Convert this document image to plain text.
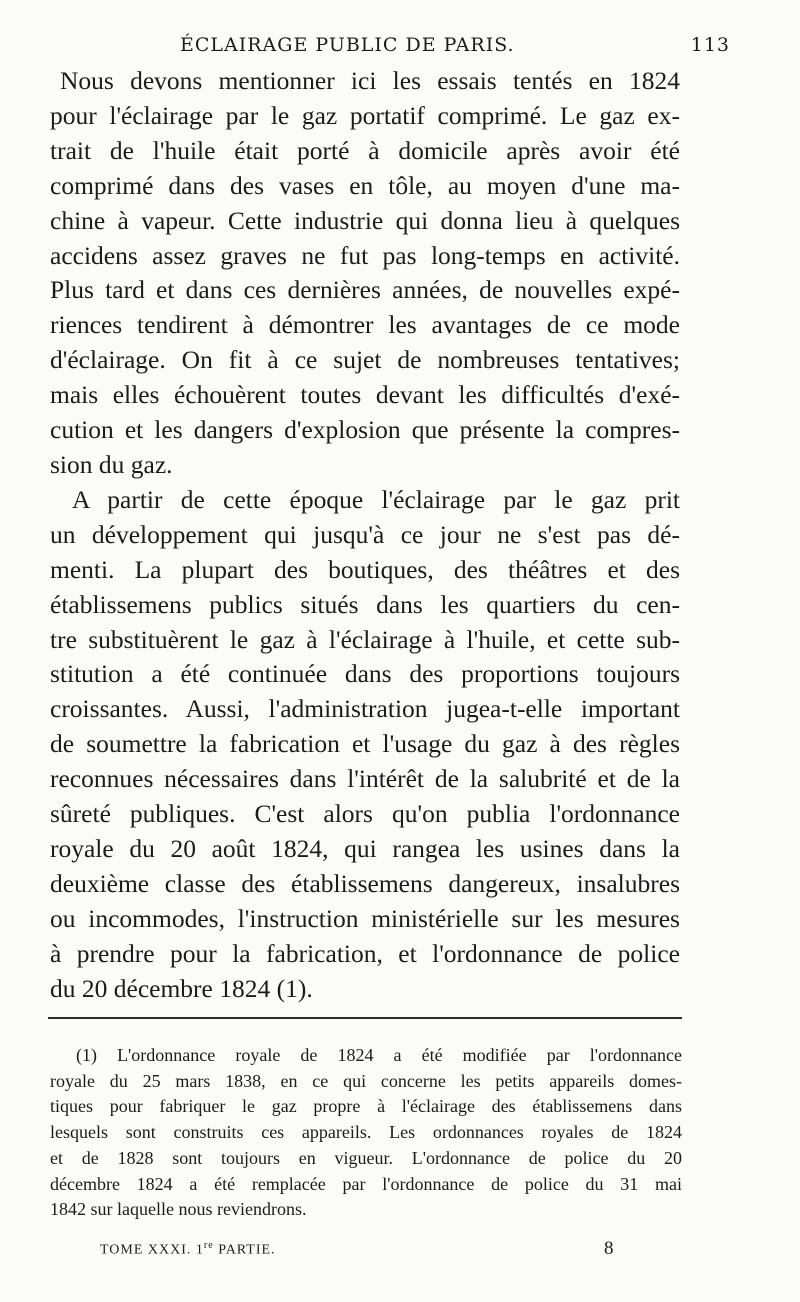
ÉCLAIRAGE PUBLIC DE PARIS.	113
Nous devons mentionner ici les essais tentés en 1824
pour l'éclairage par le gaz portatif comprimé. Le gaz ex-
trait de l'huile était porté à domicile après avoir été
comprimé dans des vases en tôle, au moyen d'une ma-
chine à vapeur. Cette industrie qui donna lieu à quelques
accidens assez graves ne fut pas long-temps en activité.
Plus tard et dans ces dernières années, de nouvelles expé-
riences tendirent à démontrer les avantages de ce mode
d'éclairage. On fit à ce sujet de nombreuses tentatives;
mais elles échouèrent toutes devant les difficultés d'exé-
cution et les dangers d'explosion que présente la compres-
sion du gaz.
A partir de cette époque l'éclairage par le gaz prit
un développement qui jusqu'à ce jour ne s'est pas dé-
menti. La plupart des boutiques, des théâtres et des
établissemens publics situés dans les quartiers du cen-
tre substituèrent le gaz à l'éclairage à l'huile, et cette sub-
stitution a été continuée dans des proportions toujours
croissantes. Aussi, l'administration jugea-t-elle important
de soumettre la fabrication et l'usage du gaz à des règles
reconnues nécessaires dans l'intérêt de la salubrité et de la
sûreté publiques. C'est alors qu'on publia l'ordonnance
royale du 20 août 1824, qui rangea les usines dans la
deuxième classe des établissemens dangereux, insalubres
ou incommodes, l'instruction ministérielle sur les mesures
à prendre pour la fabrication, et l'ordonnance de police
du 20 décembre 1824 (1).
(1) L'ordonnance royale de 1824 a été modifiée par l'ordonnance
royale du 25 mars 1838, en ce qui concerne les petits appareils domes-
tiques pour fabriquer le gaz propre à l'éclairage des établissemens dans
lesquels sont construits ces appareils. Les ordonnances royales de 1824
et de 1828 sont toujours en vigueur. L'ordonnance de police du 20
décembre 1824 a été remplacée par l'ordonnance de police du 31 mai
1842 sur laquelle nous reviendrons.
TOME XXXI. 1re PARTIE.	8
